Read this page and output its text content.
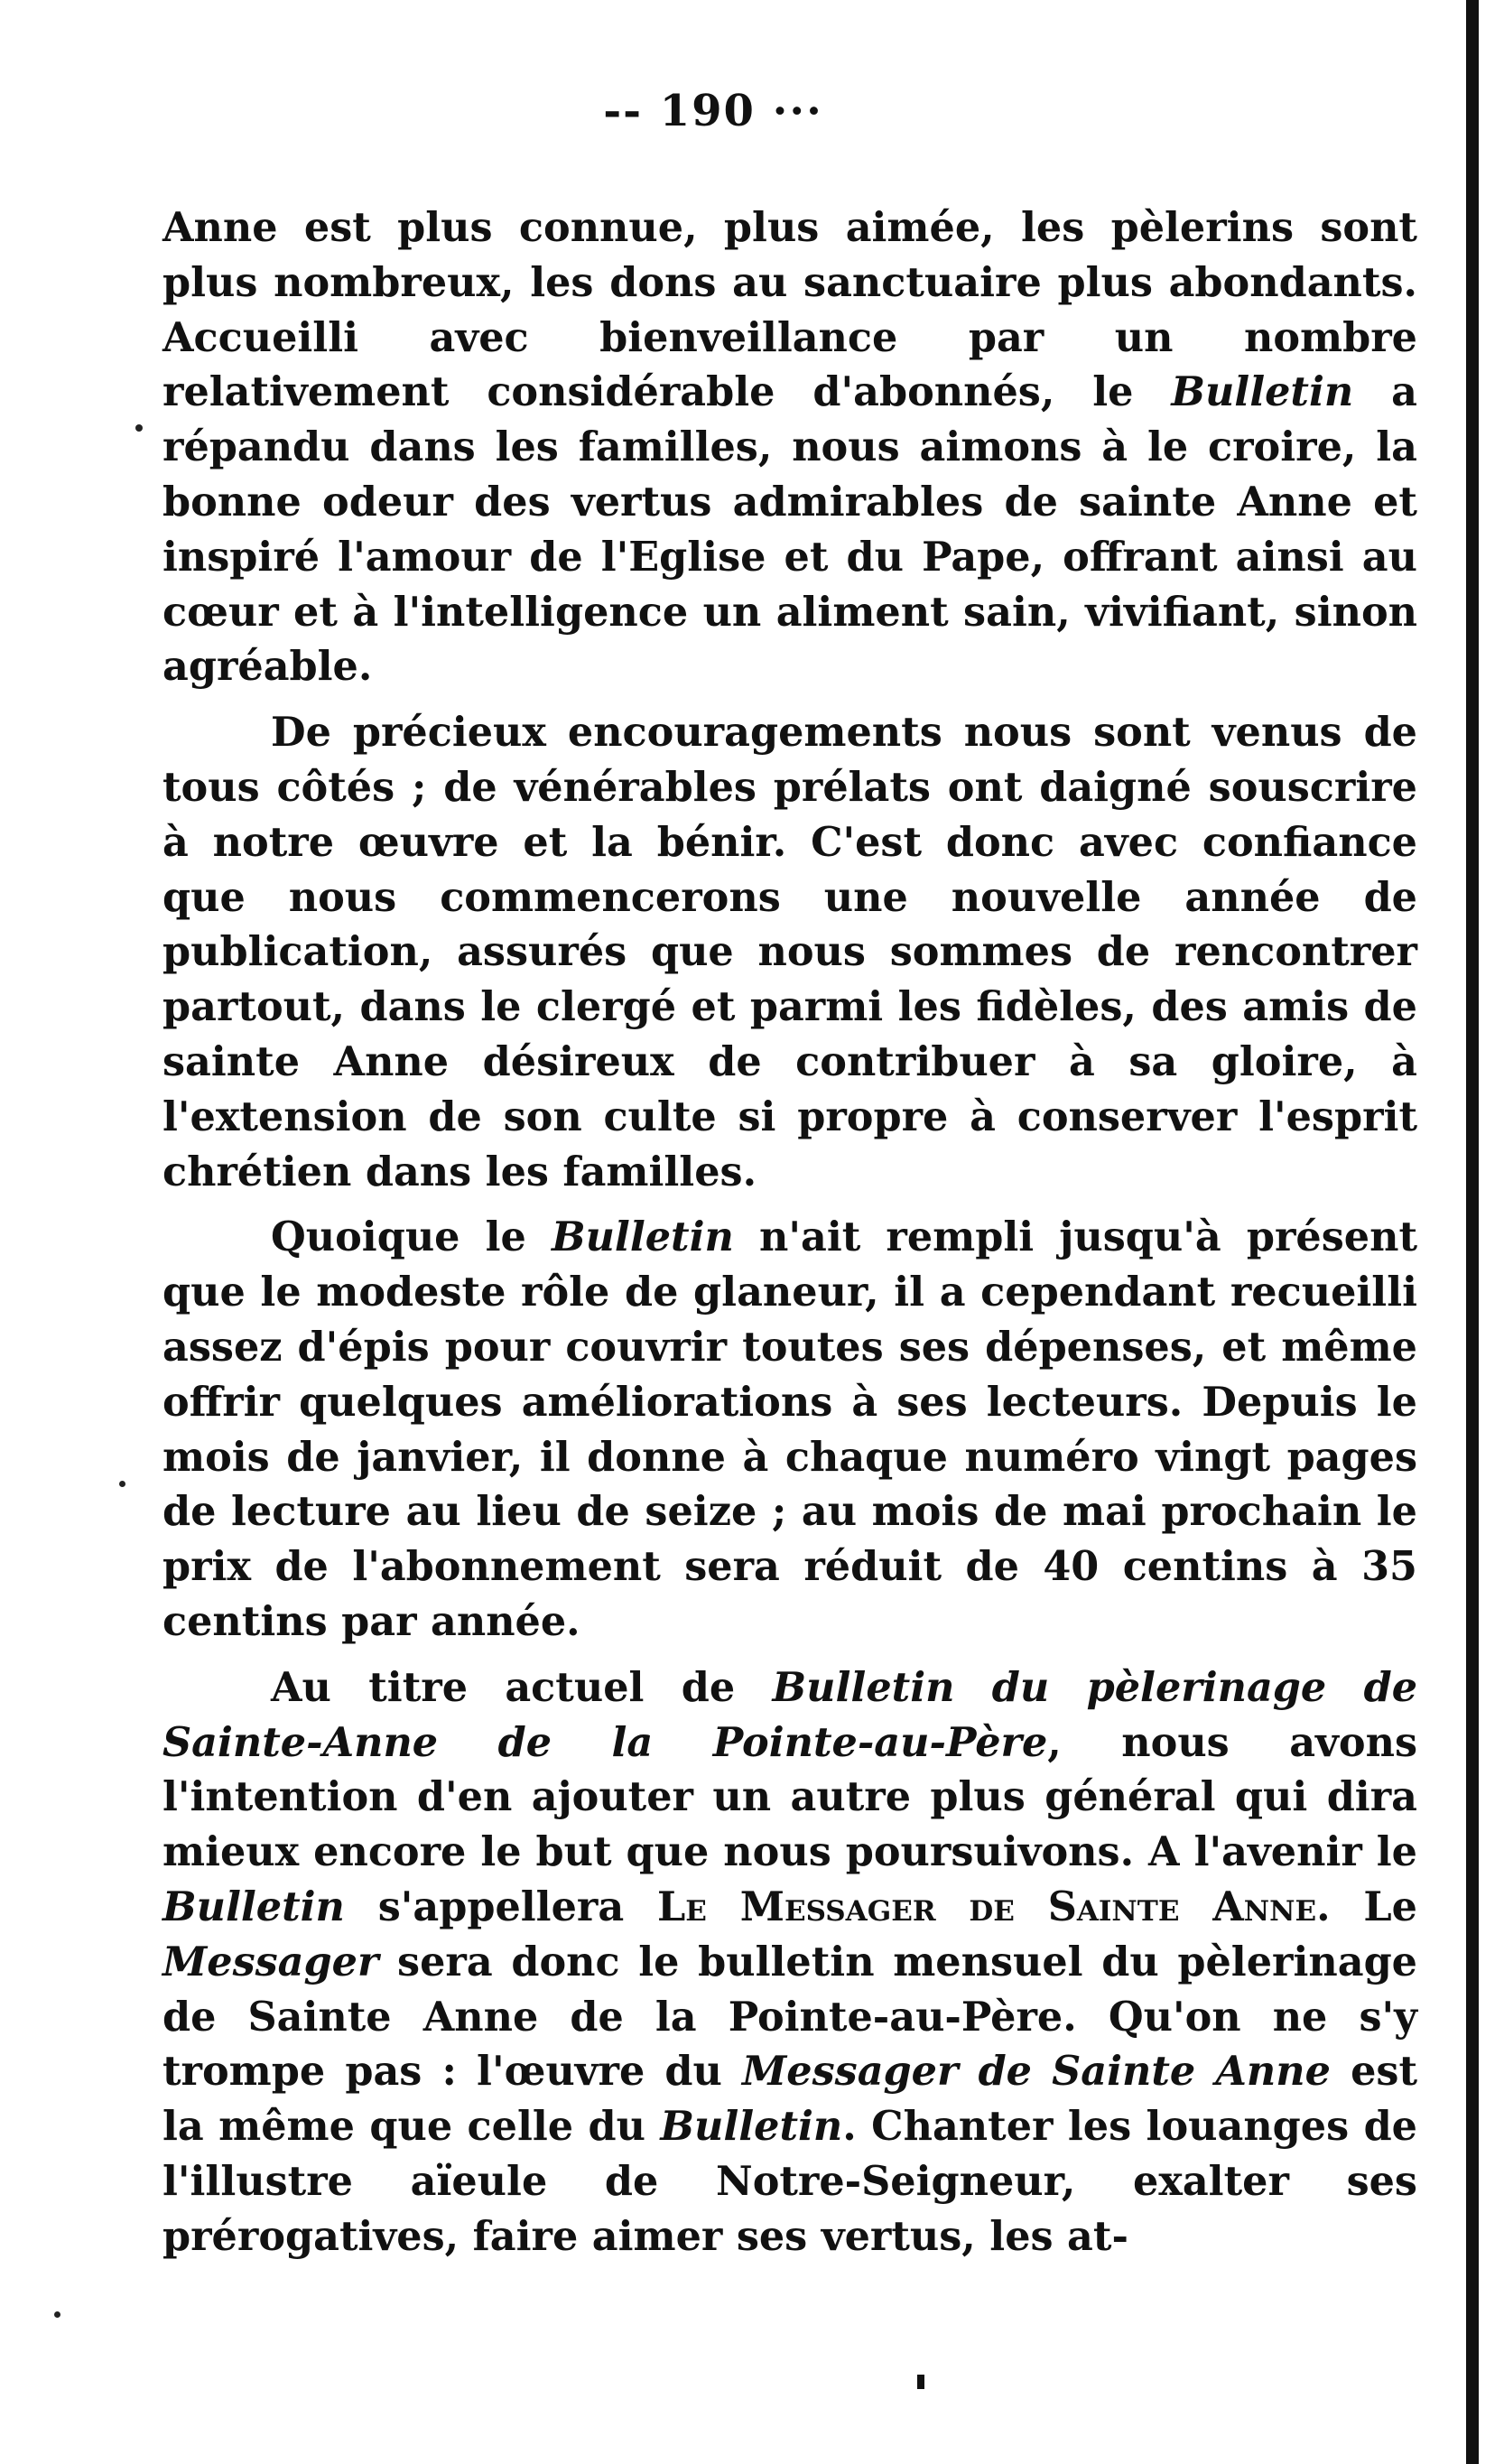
-- 190 ···

Anne est plus connue, plus aimée, les pèlerins sont plus nombreux, les dons au sanctuaire plus abondants. Accueilli avec bienveillance par un nombre relativement considérable d'abonnés, le Bulletin a répandu dans les familles, nous aimons à le croire, la bonne odeur des vertus admirables de sainte Anne et inspiré l'amour de l'Eglise et du Pape, offrant ainsi au cœur et à l'intelligence un aliment sain, vivifiant, sinon agréable.

De précieux encouragements nous sont venus de tous côtés ; de vénérables prélats ont daigné souscrire à notre œuvre et la bénir. C'est donc avec confiance que nous commencerons une nouvelle année de publication, assurés que nous sommes de rencontrer partout, dans le clergé et parmi les fidèles, des amis de sainte Anne désireux de contribuer à sa gloire, à l'extension de son culte si propre à conserver l'esprit chrétien dans les familles.

Quoique le Bulletin n'ait rempli jusqu'à présent que le modeste rôle de glaneur, il a cependant recueilli assez d'épis pour couvrir toutes ses dépenses, et même offrir quelques améliorations à ses lecteurs. Depuis le mois de janvier, il donne à chaque numéro vingt pages de lecture au lieu de seize ; au mois de mai prochain le prix de l'abonnement sera réduit de 40 centins à 35 centins par année.

Au titre actuel de Bulletin du pèlerinage de Sainte-Anne de la Pointe-au-Père, nous avons l'intention d'en ajouter un autre plus général qui dira mieux encore le but que nous poursuivons. A l'avenir le Bulletin s'appellera Le Messager de Sainte Anne. Le Messager sera donc le bulletin mensuel du pèlerinage de Sainte Anne de la Pointe-au-Père. Qu'on ne s'y trompe pas : l'œuvre du Messager de Sainte Anne est la même que celle du Bulletin. Chanter les louanges de l'illustre aïeule de Notre-Seigneur, exalter ses prérogatives, faire aimer ses vertus, les at-
